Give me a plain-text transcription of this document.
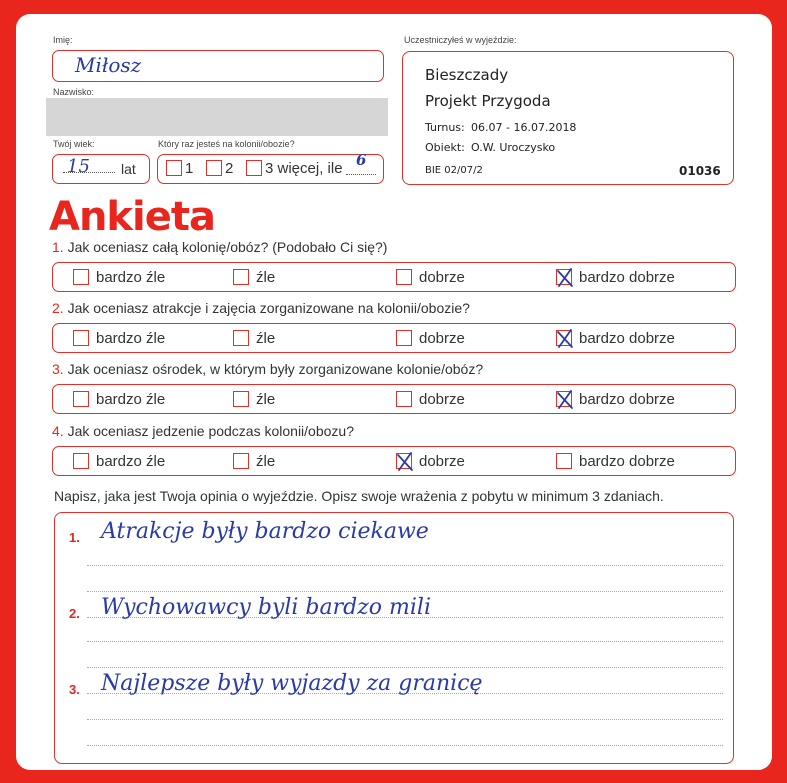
Imię:
Miłosz
Nazwisko:
Twój wiek:
15 lat
Który raz jesteś na kolonii/obozie?
1 2 3 więcej, ile 6
Uczestniczyłeś w wyjeździe:
Bieszczady
Projekt Przygoda
Turnus: 06.07 - 16.07.2018
Obiekt: O.W. Uroczysko
BIE 02/07/2	01036
Ankieta
1. Jak oceniasz całą kolonię/obóz? (Podobało Ci się?)
bardzo źle	źle	dobrze	bardzo dobrze
2. Jak oceniasz atrakcje i zajęcia zorganizowane na kolonii/obozie?
bardzo źle	źle	dobrze	bardzo dobrze
3. Jak oceniasz ośrodek, w którym były zorganizowane kolonie/obóz?
bardzo źle	źle	dobrze	bardzo dobrze
4. Jak oceniasz jedzenie podczas kolonii/obozu?
bardzo źle	źle	dobrze	bardzo dobrze
Napisz, jaka jest Twoja opinia o wyjeździe. Opisz swoje wrażenia z pobytu w minimum 3 zdaniach.
1. Atrakcje były bardzo ciekawe
2. Wychowawcy byli bardzo mili
3. Najlepsze były wyjazdy za granicę
